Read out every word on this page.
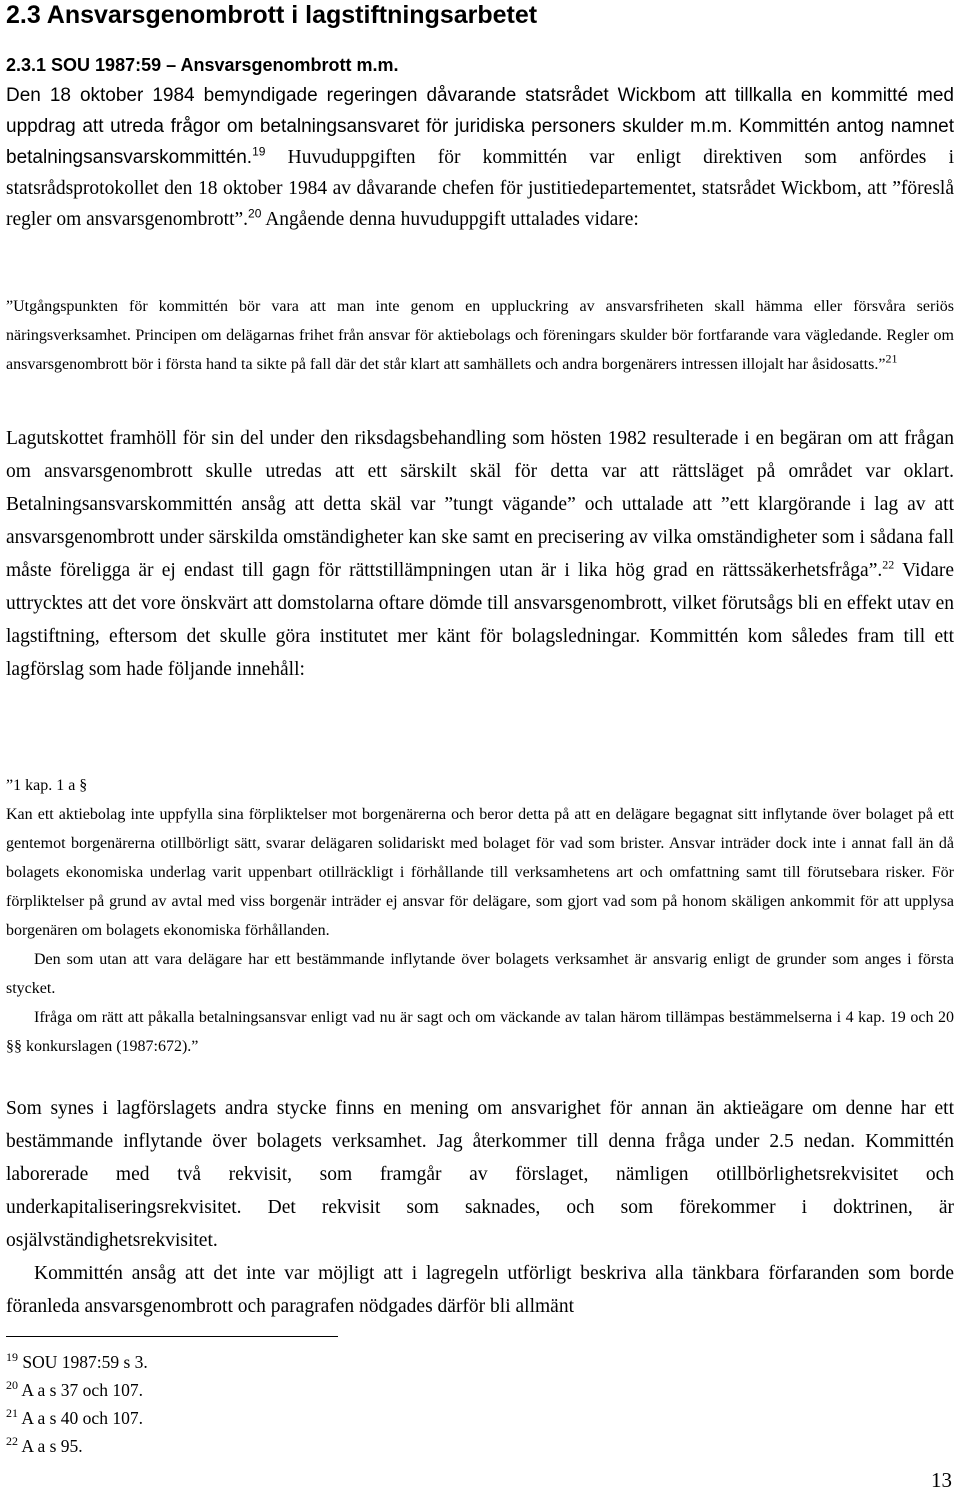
2.3 Ansvarsgenombrott i lagstiftningsarbetet
2.3.1 SOU 1987:59 – Ansvarsgenombrott m.m.

Den 18 oktober 1984 bemyndigade regeringen dåvarande statsrådet Wickbom att tillkalla en kommitté med uppdrag att utreda frågor om betalningsansvaret för juridiska personers skulder m.m. Kommittén antog namnet betalningsansvarskommittén.$^{19}$ Huvuduppgiften för kommittén var enligt direktiven som anfördes i statsrådsprotokollet den 18 oktober 1984 av dåvarande chefen för justitiedepartementet, statsrådet Wickbom, att ”föreslå regler om ansvarsgenombrott”.$^{20}$ Angående denna huvuduppgift uttalades vidare:

”Utgångspunkten för kommittén bör vara att man inte genom en uppluckring av ansvarsfriheten skall hämma eller försvåra seriös näringsverksamhet. Principen om delägarnas frihet från ansvar för aktiebolags och föreningars skulder bör fortfarande vara vägledande. Regler om ansvarsgenombrott bör i första hand ta sikte på fall där det står klart att samhällets och andra borgenärers intressen illojalt har åsidosatts.”$^{21}$

Lagutskottet framhöll för sin del under den riksdagsbehandling som hösten 1982 resulterade i en begäran om att frågan om ansvarsgenombrott skulle utredas att ett särskilt skäl för detta var att rättsläget på området var oklart. Betalningsansvarskommittén ansåg att detta skäl var ”tungt vägande” och uttalade att ”ett klargörande i lag av att ansvarsgenombrott under särskilda omständigheter kan ske samt en precisering av vilka omständigheter som i sådana fall måste föreligga är ej endast till gagn för rättstillämpningen utan är i lika hög grad en rättssäkerhetsfråga”.$^{22}$ Vidare uttrycktes att det vore önskvärt att domstolarna oftare dömde till ansvarsgenombrott, vilket förutsågs bli en effekt utav en lagstiftning, eftersom det skulle göra institutet mer känt för bolagsledningar. Kommittén kom således fram till ett lagförslag som hade följande innehåll:

”1 kap. 1 a §

Kan ett aktiebolag inte uppfylla sina förpliktelser mot borgenärerna och beror detta på att en delägare begagnat sitt inflytande över bolaget på ett gentemot borgenärerna otillbörligt sätt, svarar delägaren solidariskt med bolaget för vad som brister. Ansvar inträder dock inte i annat fall än då bolagets ekonomiska underlag varit uppenbart otillräckligt i förhållande till verksamhetens art och omfattning samt till förutsebara risker. För förpliktelser på grund av avtal med viss borgenär inträder ej ansvar för delägare, som gjort vad som på honom skäligen ankommit för att upplysa borgenären om bolagets ekonomiska förhållanden.

Den som utan att vara delägare har ett bestämmande inflytande över bolagets verksamhet är ansvarig enligt de grunder som anges i första stycket.

Ifråga om rätt att påkalla betalningsansvar enligt vad nu är sagt och om väckande av talan härom tillämpas bestämmelserna i 4 kap. 19 och 20 §§ konkurslagen (1987:672).”

Som synes i lagförslagets andra stycke finns en mening om ansvarighet för annan än aktieägare om denne har ett bestämmande inflytande över bolagets verksamhet. Jag återkommer till denna fråga under 2.5 nedan. Kommittén laborerade med två rekvisit, som framgår av förslaget, nämligen otillbörlighetsrekvisitet och underkapitaliseringsrekvisitet. Det rekvisit som saknades, och som förekommer i doktrinen, är osjälvständighetsrekvisitet.

Kommittén ansåg att det inte var möjligt att i lagregeln utförligt beskriva alla tänkbara förfaranden som borde föranleda ansvarsgenombrott och paragrafen nödgades därför bli allmänt

$^{19}$ SOU 1987:59 s 3.

$^{20}$ A a s 37 och 107.

$^{21}$ A a s 40 och 107.

$^{22}$ A a s 95.

13
